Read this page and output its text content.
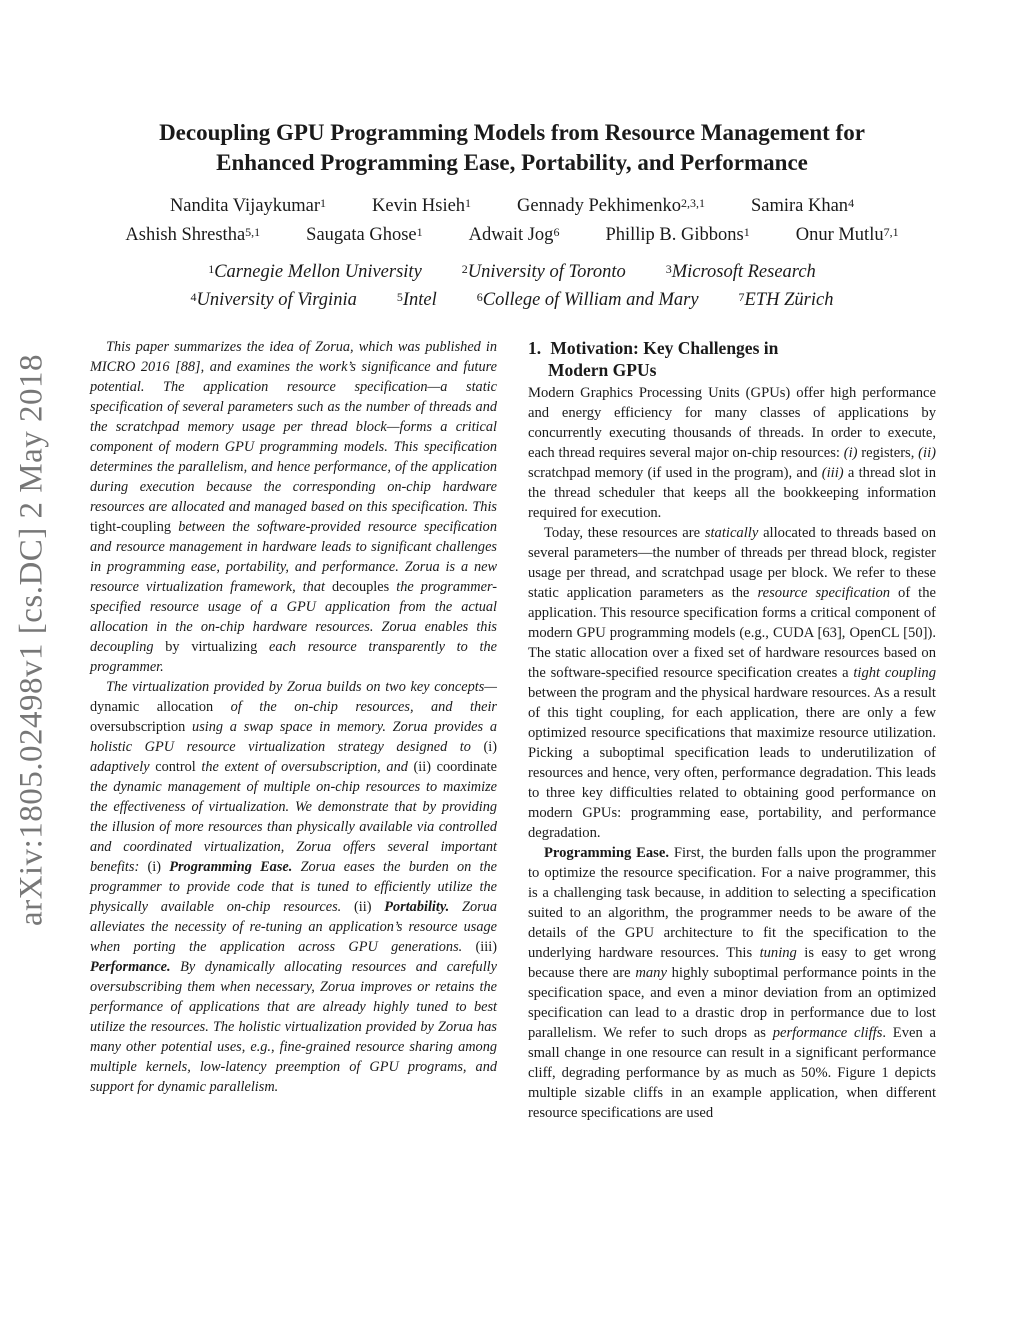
arXiv:1805.02498v1 [cs.DC] 2 May 2018
Decoupling GPU Programming Models from Resource Management for
Enhanced Programming Ease, Portability, and Performance
Nandita Vijaykumar$^1$ Kevin Hsieh$^1$ Gennady Pekhimenko$^{2,3,1}$ Samira Khan$^4$
Ashish Shrestha$^{5,1}$ Saugata Ghose$^1$ Adwait Jog$^6$ Phillip B. Gibbons$^1$ Onur Mutlu$^{7,1}$
$^1$Carnegie Mellon University	$^2$University of Toronto	$^3$Microsoft Research
$^4$University of Virginia	$^5$Intel	$^6$College of William and Mary	$^7$ETH Zürich

This paper summarizes the idea of Zorua, which was published in MICRO 2016 [88], and examines the work’s significance and future potential. The application resource specification—a static specification of several parameters such as the number of threads and the scratchpad memory usage per thread block—forms a critical component of modern GPU programming models. This specification determines the parallelism, and hence performance, of the application during execution because the corresponding on-chip hardware resources are allocated and managed based on this specification. This tight-coupling between the software-provided resource specification and resource management in hardware leads to significant challenges in programming ease, portability, and performance. Zorua is a new resource virtualization framework, that decouples the programmer-specified resource usage of a GPU application from the actual allocation in the on-chip hardware resources. Zorua enables this decoupling by virtualizing each resource transparently to the programmer.

The virtualization provided by Zorua builds on two key concepts—dynamic allocation of the on-chip resources, and their oversubscription using a swap space in memory. Zorua provides a holistic GPU resource virtualization strategy designed to (i) adaptively control the extent of oversubscription, and (ii) coordinate the dynamic management of multiple on-chip resources to maximize the effectiveness of virtualization. We demonstrate that by providing the illusion of more resources than physically available via controlled and coordinated virtualization, Zorua offers several important benefits: (i) Programming Ease. Zorua eases the burden on the programmer to provide code that is tuned to efficiently utilize the physically available on-chip resources. (ii) Portability. Zorua alleviates the necessity of re-tuning an application’s resource usage when porting the application across GPU generations. (iii) Performance. By dynamically allocating resources and carefully oversubscribing them when necessary, Zorua improves or retains the performance of applications that are already highly tuned to best utilize the resources. The holistic virtualization provided by Zorua has many other potential uses, e.g., fine-grained resource sharing among multiple kernels, low-latency preemption of GPU programs, and support for dynamic parallelism.

1. Motivation: Key Challenges in
Modern GPUs

Modern Graphics Processing Units (GPUs) offer high performance and energy efficiency for many classes of applications by concurrently executing thousands of threads. In order to execute, each thread requires several major on-chip resources: (i) registers, (ii) scratchpad memory (if used in the program), and (iii) a thread slot in the thread scheduler that keeps all the bookkeeping information required for execution.

Today, these resources are statically allocated to threads based on several parameters—the number of threads per thread block, register usage per thread, and scratchpad usage per block. We refer to these static application parameters as the resource specification of the application. This resource specification forms a critical component of modern GPU programming models (e.g., CUDA [63], OpenCL [50]). The static allocation over a fixed set of hardware resources based on the software-specified resource specification creates a tight coupling between the program and the physical hardware resources. As a result of this tight coupling, for each application, there are only a few optimized resource specifications that maximize resource utilization. Picking a suboptimal specification leads to underutilization of resources and hence, very often, performance degradation. This leads to three key difficulties related to obtaining good performance on modern GPUs: programming ease, portability, and performance degradation.

Programming Ease. First, the burden falls upon the programmer to optimize the resource specification. For a naive programmer, this is a challenging task because, in addition to selecting a specification suited to an algorithm, the programmer needs to be aware of the details of the GPU architecture to fit the specification to the underlying hardware resources. This tuning is easy to get wrong because there are many highly suboptimal performance points in the specification space, and even a minor deviation from an optimized specification can lead to a drastic drop in performance due to lost parallelism. We refer to such drops as performance cliffs. Even a small change in one resource can result in a significant performance cliff, degrading performance by as much as 50%. Figure 1 depicts multiple sizable cliffs in an example application, when different resource specifications are used
